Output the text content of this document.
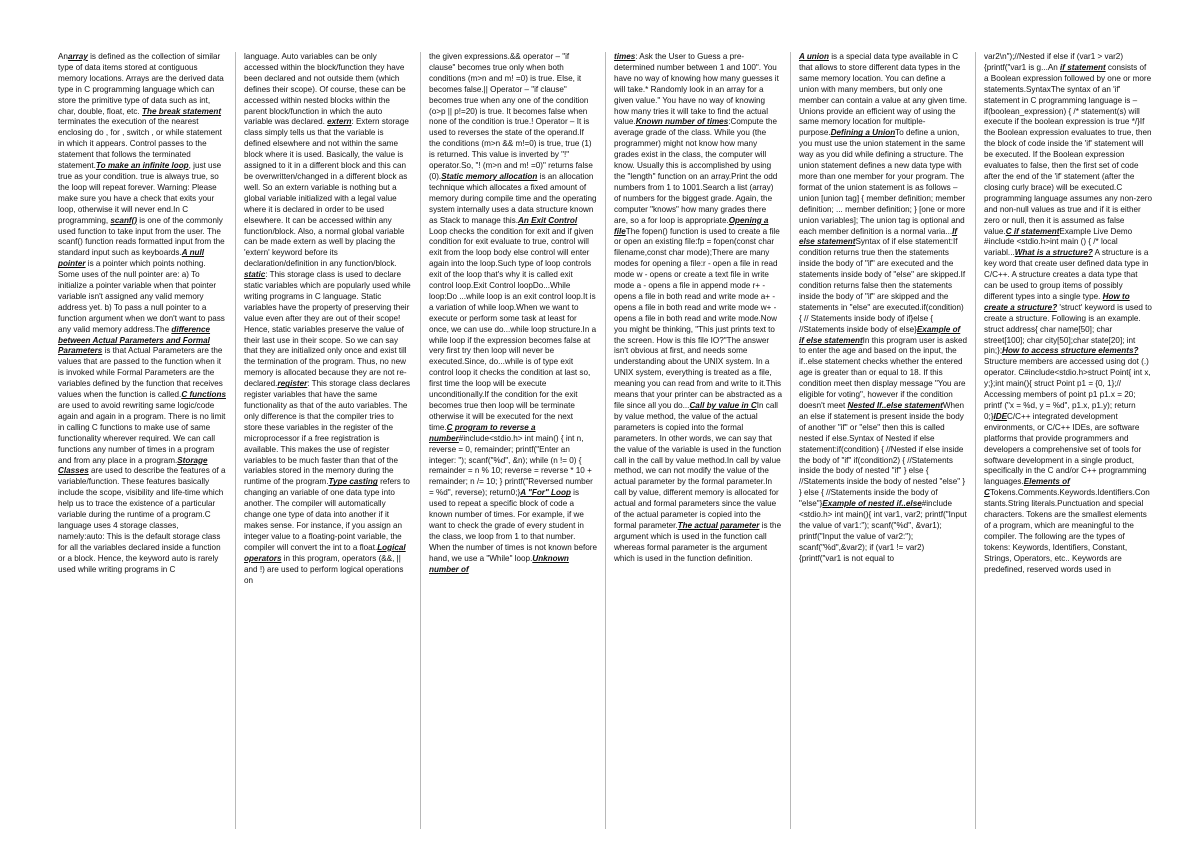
Anarray is defined as the collection of similar type of data items stored at contiguous memory locations. Arrays are the derived data type in C programming language which can store the primitive type of data such as int, char, double, float, etc. The break statement terminates the execution of the nearest enclosing do , for , switch , or while statement in which it appears. Control passes to the statement that follows the terminated statement.To make an infinite loop, just use true as your condition. true is always true, so the loop will repeat forever. Warning: Please make sure you have a check that exits your loop, otherwise it will never end.In C programming, scanf() is one of the commonly used function to take input from the user. The scanf() function reads formatted input from the standard input such as keyboards.A null pointer is a pointer which points nothing. Some uses of the null pointer are: a) To initialize a pointer variable when that pointer variable isn't assigned any valid memory address yet. b) To pass a null pointer to a function argument when we don't want to pass any valid memory address.The difference between Actual Parameters and Formal Parameters is that Actual Parameters are the values that are passed to the function when it is invoked while Formal Parameters are the variables defined by the function that receives values when the function is called.C functions are used to avoid rewriting same logic/code again and again in a program. There is no limit in calling C functions to make use of same functionality wherever required. We can call functions any number of times in a program and from any place in a program.Storage Classes are used to describe the features of a variable/function. These features basically include the scope, visibility and life-time which help us to trace the existence of a particular variable during the runtime of a program.C language uses 4 storage classes, namely:auto: This is the default storage class for all the variables declared inside a function or a block. Hence, the keyword auto is rarely used while writing programs in C

language. Auto variables can be only accessed within the block/function they have been declared and not outside them (which defines their scope). Of course, these can be accessed within nested blocks within the parent block/function in which the auto variable was declared. extern: Extern storage class simply tells us that the variable is defined elsewhere and not within the same block where it is used. Basically, the value is assigned to it in a different block and this can be overwritten/changed in a different block as well. So an extern variable is nothing but a global variable initialized with a legal value where it is declared in order to be used elsewhere. It can be accessed within any function/block. Also, a normal global variable can be made extern as well by placing the 'extern' keyword before its declaration/definition in any function/block. static: This storage class is used to declare static variables which are popularly used while writing programs in C language. Static variables have the property of preserving their value even after they are out of their scope! Hence, static variables preserve the value of their last use in their scope. So we can say that they are initialized only once and exist till the termination of the program. Thus, no new memory is allocated because they are not re-declared.register: This storage class declares register variables that have the same functionality as that of the auto variables. The only difference is that the compiler tries to store these variables in the register of the microprocessor if a free registration is available. This makes the use of register variables to be much faster than that of the variables stored in the memory during the runtime of the program.Type casting refers to changing an variable of one data type into another. The compiler will automatically change one type of data into another if it makes sense. For instance, if you assign an integer value to a floating-point variable, the compiler will convert the int to a float.Logical operators in this program, operators (&&, || and !) are used to perform logical operations on

the given expressions.&& operator – "if clause" becomes true only when both conditions (m>n and m! =0) is true. Else, it becomes false.|| Operator – "if clause" becomes true when any one of the condition (o>p || p!=20) is true. It becomes false when none of the condition is true.! Operator – It is used to reverses the state of the operand.If the conditions (m>n && m!=0) is true, true (1) is returned. This value is inverted by "!" operator.So, "! (m>n and m! =0)" returns false (0).Static memory allocation is an allocation technique which allocates a fixed amount of memory during compile time and the operating system internally uses a data structure known as Stack to manage this.An Exit Control Loop checks the condition for exit and if given condition for exit evaluate to true, control will exit from the loop body else control will enter again into the loop.Such type of loop controls exit of the loop that's why it is called exit control loop.Exit Control loopDo...While loop:Do ...while loop is an exit control loop.It is a variation of while loop.When we want to execute or perform some task at least for once, we can use do...while loop structure.In a while loop if the expression becomes false at very first try then loop will never be executed.Since, do...while is of type exit control loop it checks the condition at last so, first time the loop will be execute unconditionally.If the condition for the exit becomes true then loop will be terminate otherwise it will be executed for the next time.C program to reverse a number#include<stdio.h> int main() { int n, reverse = 0, remainder; printf("Enter an integer: "); scanf("%d", &n); while (n != 0) { remainder = n % 10; reverse = reverse * 10 + remainder; n /= 10; } printf("Reversed number = %d", reverse); return0;}A "For" Loop is used to repeat a specific block of code a known number of times. For example, if we want to check the grade of every student in the class, we loop from 1 to that number. When the number of times is not known before hand, we use a "While" loop.Unknown number of

times: Ask the User to Guess a pre-determined number between 1 and 100". You have no way of knowing how many guesses it will take.* Randomly look in an array for a given value." You have no way of knowing how many tries it will take to find the actual value.Known number of times:Compute the average grade of the class. While you (the programmer) might not know how many grades exist in the class, the computer will know. Usually this is accomplished by using the "length" function on an array.Print the odd numbers from 1 to 1001.Search a list (array) of numbers for the biggest grade. Again, the computer "knows" how many grades there are, so a for loop is appropriate.Opening a fileThe fopen() function is used to create a file or open an existing file:fp = fopen(const char filename,const char mode);There are many modes for opening a file:r - open a file in read mode w - opens or create a text file in write mode a - opens a file in append mode r+ - opens a file in both read and write mode a+ - opens a file in both read and write mode w+ - opens a file in both read and write mode.Now you might be thinking, "This just prints text to the screen. How is this file IO?"The answer isn't obvious at first, and needs some understanding about the UNIX system. In a UNIX system, everything is treated as a file, meaning you can read from and write to it.This means that your printer can be abstracted as a file since all you do...Call by value in CIn call by value method, the value of the actual parameters is copied into the formal parameters. In other words, we can say that the value of the variable is used in the function call in the call by value method.In call by value method, we can not modify the value of the actual parameter by the formal parameter.In call by value, different memory is allocated for actual and formal parameters since the value of the actual parameter is copied into the formal parameter.The actual parameter is the argument which is used in the function call whereas formal parameter is the argument which is used in the function definition.

A union is a special data type available in C that allows to store different data types in the same memory location. You can define a union with many members, but only one member can contain a value at any given time. Unions provide an efficient way of using the same memory location for multiple-purpose.Defining a UnionTo define a union, you must use the union statement in the same way as you did while defining a structure. The union statement defines a new data type with more than one member for your program. The format of the union statement is as follows – union [union tag] { member definition; member definition; ... member definition; } [one or more union variables]; The union tag is optional and each member definition is a normal varia...If else statementSyntax of if else statement:If condition returns true then the statements inside the body of "if" are executed and the statements inside body of "else" are skipped.If condition returns false then the statements inside the body of "if" are skipped and the statements in "else" are executed.if(condition) { // Statements inside body of if}else { //Statements inside body of else}Example of if else statementIn this program user is asked to enter the age and based on the input, the if..else statement checks whether the entered age is greater than or equal to 18. If this condition meet then display message "You are eligible for voting", however if the condition doesn't meet Nested If..else statementWhen an else if statement is present inside the body of another "if" or "else" then this is called nested if else.Syntax of Nested if else statement:if(condition) { //Nested if else inside the body of "if" if(condition2) { //Statements inside the body of nested "if" } else { //Statements inside the body of nested "else" } } else { //Statements inside the body of "else"}Example of nested if..else#include <stdio.h> int main(){ int var1, var2; printf("Input the value of var1:"); scanf("%d", &var1); printf("Input the value of var2:"); scanf("%d",&var2); if (var1 != var2) {printf("var1 is not equal to

var2\n");//Nested if else if (var1 > var2){printf("var1 is g...An if statement consists of a Boolean expression followed by one or more statements.SyntaxThe syntax of an 'if' statement in C programming language is – if(boolean_expression) { /* statement(s) will execute if the boolean expression is true */}If the Boolean expression evaluates to true, then the block of code inside the 'if' statement will be executed. If the Boolean expression evaluates to false, then the first set of code after the end of the 'if' statement (after the closing curly brace) will be executed.C programming language assumes any non-zero and non-null values as true and if it is either zero or null, then it is assumed as false value.C if statementExample Live Demo #include <stdio.h>int main () { /* local variabl...What is a structure? A structure is a key word that create user defined data type in C/C++. A structure creates a data type that can be used to group items of possibly different types into a single type. How to create a structure? 'struct' keyword is used to create a structure. Following is an example. struct address{ char name[50]; char street[100]; char city[50];char state[20]; int pin;};How to access structure elements?Structure members are accessed using dot (.) operator. C#include<stdio.h>struct Point{ int x, y;};int main(){ struct Point p1 = {0, 1};// Accessing members of point p1 p1.x = 20; printf ("x = %d, y = %d", p1.x, p1.y); return 0;}IDEC/C++ integrated development environments, or C/C++ IDEs, are software platforms that provide programmers and developers a comprehensive set of tools for software development in a single product, specifically in the C and/or C++ programming languages.Elements of CTokens.Comments.Keywords.Identifiers.Constants.String literals.Punctuation and special characters. Tokens are the smallest elements of a program, which are meaningful to the compiler. The following are the types of tokens: Keywords, Identifiers, Constant, Strings, Operators, etc.. Keywords are predefined, reserved words used in
